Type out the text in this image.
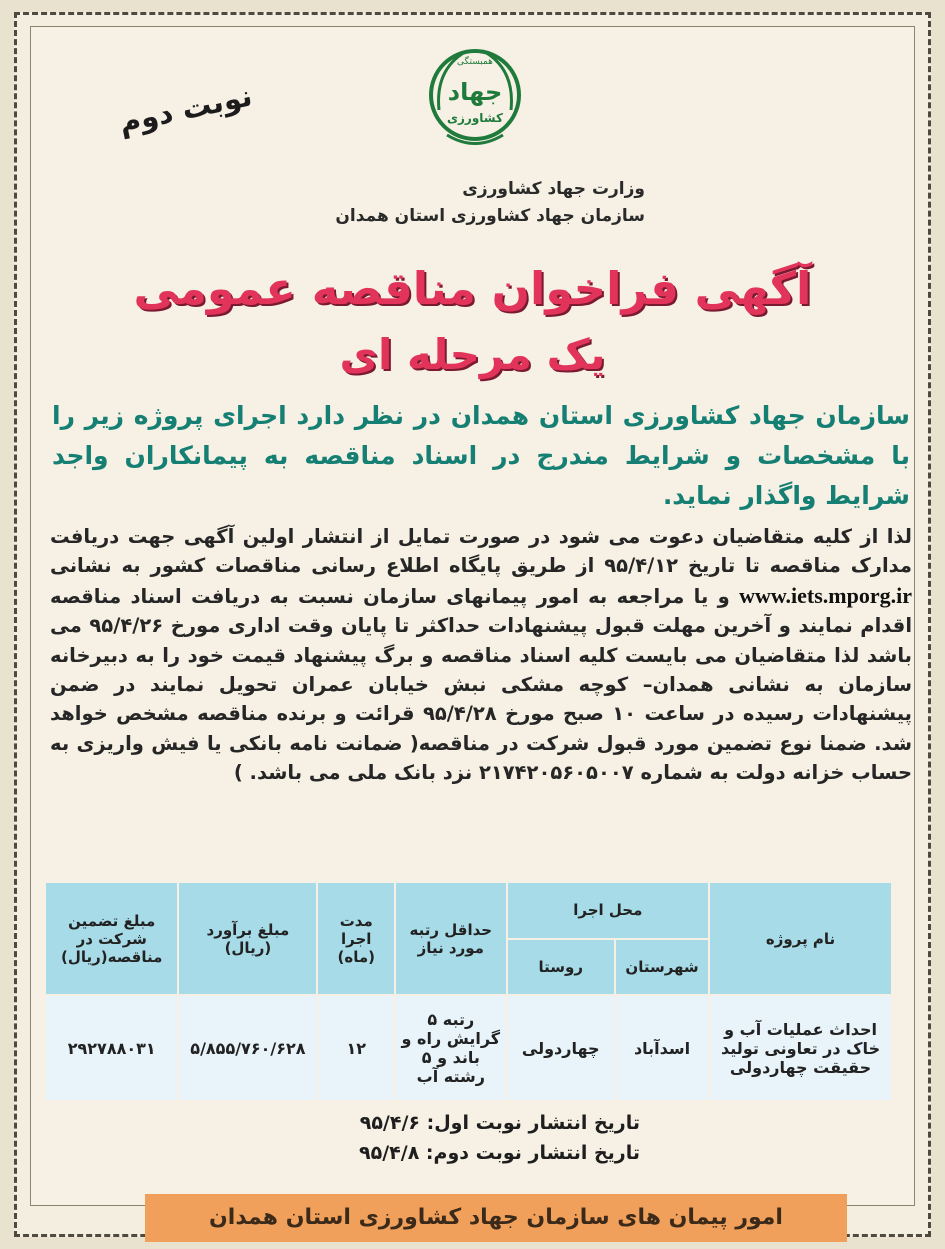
نوبت دوم
همبستگی
جهاد
کشاورزی
وزارت جهاد کشاورزی
سازمان جهاد کشاورزی استان همدان
آگهی فراخوان مناقصه عمومی
یک مرحله ای
سازمان جهاد کشاورزی استان همدان در نظر دارد اجرای پروژه زیر را با مشخصات و شرایط مندرج در اسناد مناقصه به پیمانکاران واجد شرایط واگذار نماید.
لذا از کلیه متقاضیان دعوت می شود در صورت تمایل از انتشار اولین آگهی جهت دریافت مدارک مناقصه تا تاریخ ۹۵/۴/۱۲ از طریق پایگاه اطلاع رسانی مناقصات کشور به نشانی www.iets.mporg.ir و یا مراجعه به امور پیمانهای سازمان نسبت به دریافت اسناد مناقصه اقدام نمایند و آخرین مهلت قبول پیشنهادات حداکثر تا پایان وقت اداری مورخ ۹۵/۴/۲۶ می باشد لذا متقاضیان می بایست کلیه اسناد مناقصه و برگ پیشنهاد قیمت خود را به دبیرخانه سازمان به نشانی همدان– کوچه مشکی نبش خیابان عمران تحویل نمایند در ضمن پیشنهادات رسیده در ساعت ۱۰ صبح مورخ ۹۵/۴/۲۸ قرائت و برنده مناقصه مشخص خواهد شد. ضمنا نوع تضمین مورد قبول شرکت در مناقصه( ضمانت نامه بانکی یا فیش واریزی به حساب خزانه دولت به شماره ۲۱۷۴۲۰۵۶۰۵۰۰۷ نزد بانک ملی می باشد. )
نام پروژه	محل اجرا		حداقل رتبه مورد نیاز	مدت اجرا (ماه)	مبلغ برآورد (ریال)	مبلغ تضمین شرکت در مناقصه(ریال)
	شهرستان	روستا				
احداث عملیات آب و خاک در تعاونی تولید حقیقت چهاردولی	اسدآباد	چهاردولی	رتبه ۵ گرایش راه و باند و ۵ رشته آب	۱۲	۵/۸۵۵/۷۶۰/۶۲۸	۲۹۲۷۸۸۰۳۱
تاریخ انتشار نوبت اول: ۹۵/۴/۶
تاریخ انتشار نوبت دوم: ۹۵/۴/۸
امور پیمان های سازمان جهاد کشاورزی استان همدان
